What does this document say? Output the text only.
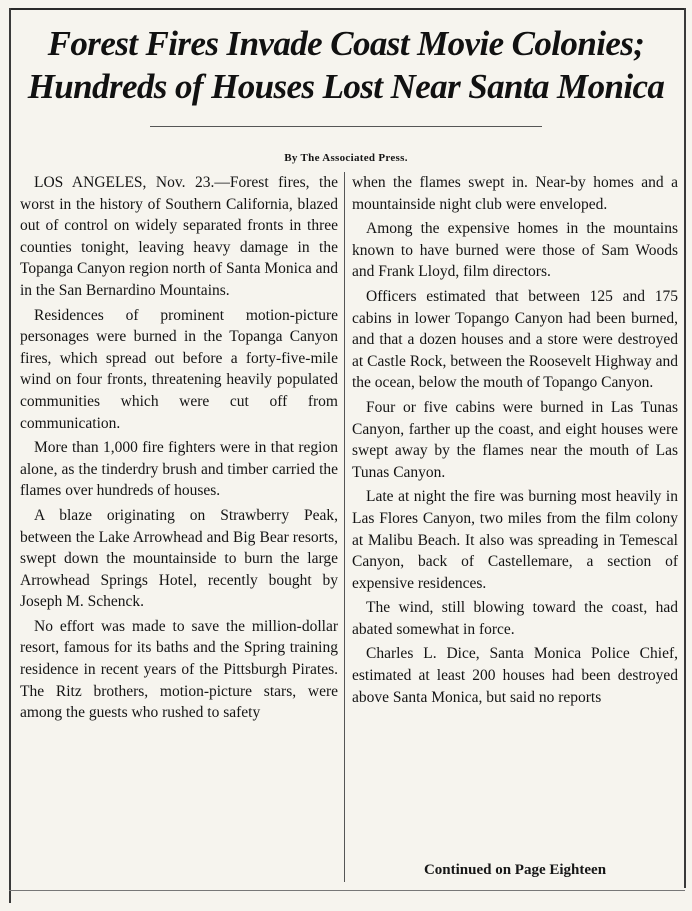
Forest Fires Invade Coast Movie Colonies;
Hundreds of Houses Lost Near Santa Monica
By The Associated Press.

LOS ANGELES, Nov. 23.—Forest fires, the worst in the history of Southern California, blazed out of control on widely separated fronts in three counties tonight, leaving heavy damage in the Topanga Canyon region north of Santa Monica and in the San Bernardino Mountains.

Residences of prominent motion-picture personages were burned in the Topanga Canyon fires, which spread out before a forty-five-mile wind on four fronts, threatening heavily populated communities which were cut off from communication.

More than 1,000 fire fighters were in that region alone, as the tinderdry brush and timber carried the flames over hundreds of houses.

A blaze originating on Strawberry Peak, between the Lake Arrowhead and Big Bear resorts, swept down the mountainside to burn the large Arrowhead Springs Hotel, recently bought by Joseph M. Schenck.

No effort was made to save the million-dollar resort, famous for its baths and the Spring training residence in recent years of the Pittsburgh Pirates. The Ritz brothers, motion-picture stars, were among the guests who rushed to safety

when the flames swept in. Near-by homes and a mountainside night club were enveloped.

Among the expensive homes in the mountains known to have burned were those of Sam Woods and Frank Lloyd, film directors.

Officers estimated that between 125 and 175 cabins in lower Topango Canyon had been burned, and that a dozen houses and a store were destroyed at Castle Rock, between the Roosevelt Highway and the ocean, below the mouth of Topango Canyon.

Four or five cabins were burned in Las Tunas Canyon, farther up the coast, and eight houses were swept away by the flames near the mouth of Las Tunas Canyon.

Late at night the fire was burning most heavily in Las Flores Canyon, two miles from the film colony at Malibu Beach. It also was spreading in Temescal Canyon, back of Castellemare, a section of expensive residences.

The wind, still blowing toward the coast, had abated somewhat in force.

Charles L. Dice, Santa Monica Police Chief, estimated at least 200 houses had been destroyed above Santa Monica, but said no reports

Continued on Page Eighteen
